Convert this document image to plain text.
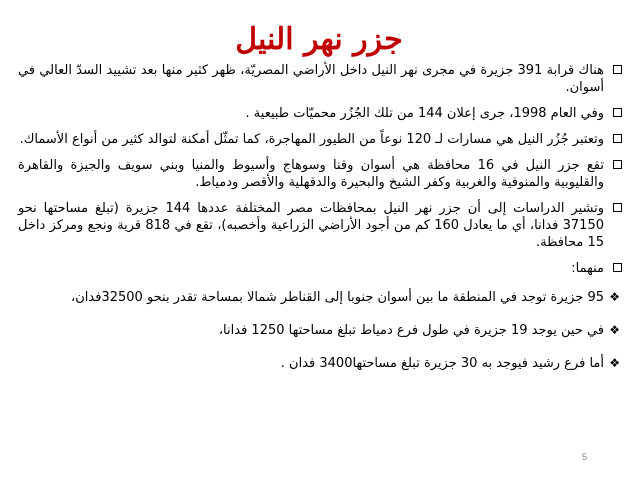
جزر نهر النيل
هناك قرابة 391 جزيرة في مجرى نهر النيل داخل الأراضي المصريّة، ظهر كثير منها بعد تشييد السدّ العالي في أسوان.
وفي العام 1998، جرى إعلان 144 من تلك الجُزُر محميّات طبيعية .
وتعتبر جُزُر النيل هي مسارات لـ 120 نوعاً من الطيور المهاجرة، كما تمثّل أمكنة لتوالد كثير من أنواع الأسماك.
تقع جزر النيل في 16 محافظة هي أسوان وقنا وسوهاج وأسيوط والمنيا وبني سويف والجيزة والقاهرة والقليوبية والمنوفية والغربية وكفر الشيخ والبحيرة والدقهلية والأقصر ودمياط.
وتشير الدراسات إلى أن جزر نهر النيل بمحافظات مصر المختلفة عددها 144 جزيرة (تبلغ مساحتها نحو 37150 فدانا، أي ما يعادل 160 كم من أجود الأراضي الزراعية وأخصبه)، تقع في 818 قرية ونجع ومركز داخل 15 محافظة.
منهما:
❖
95 جزيرة توجد في المنطقة ما بين أسوان جنوبا إلى القناطر شمالا بمساحة تقدر بنحو 32500فدان،
❖
في حين يوجد 19 جزيرة في طول فرع دمياط تبلغ مساحتها 1250 فدانا،
❖
أما فرع رشيد فيوجد به 30 جزيرة تبلغ مساحتها3400 فدان .
5
